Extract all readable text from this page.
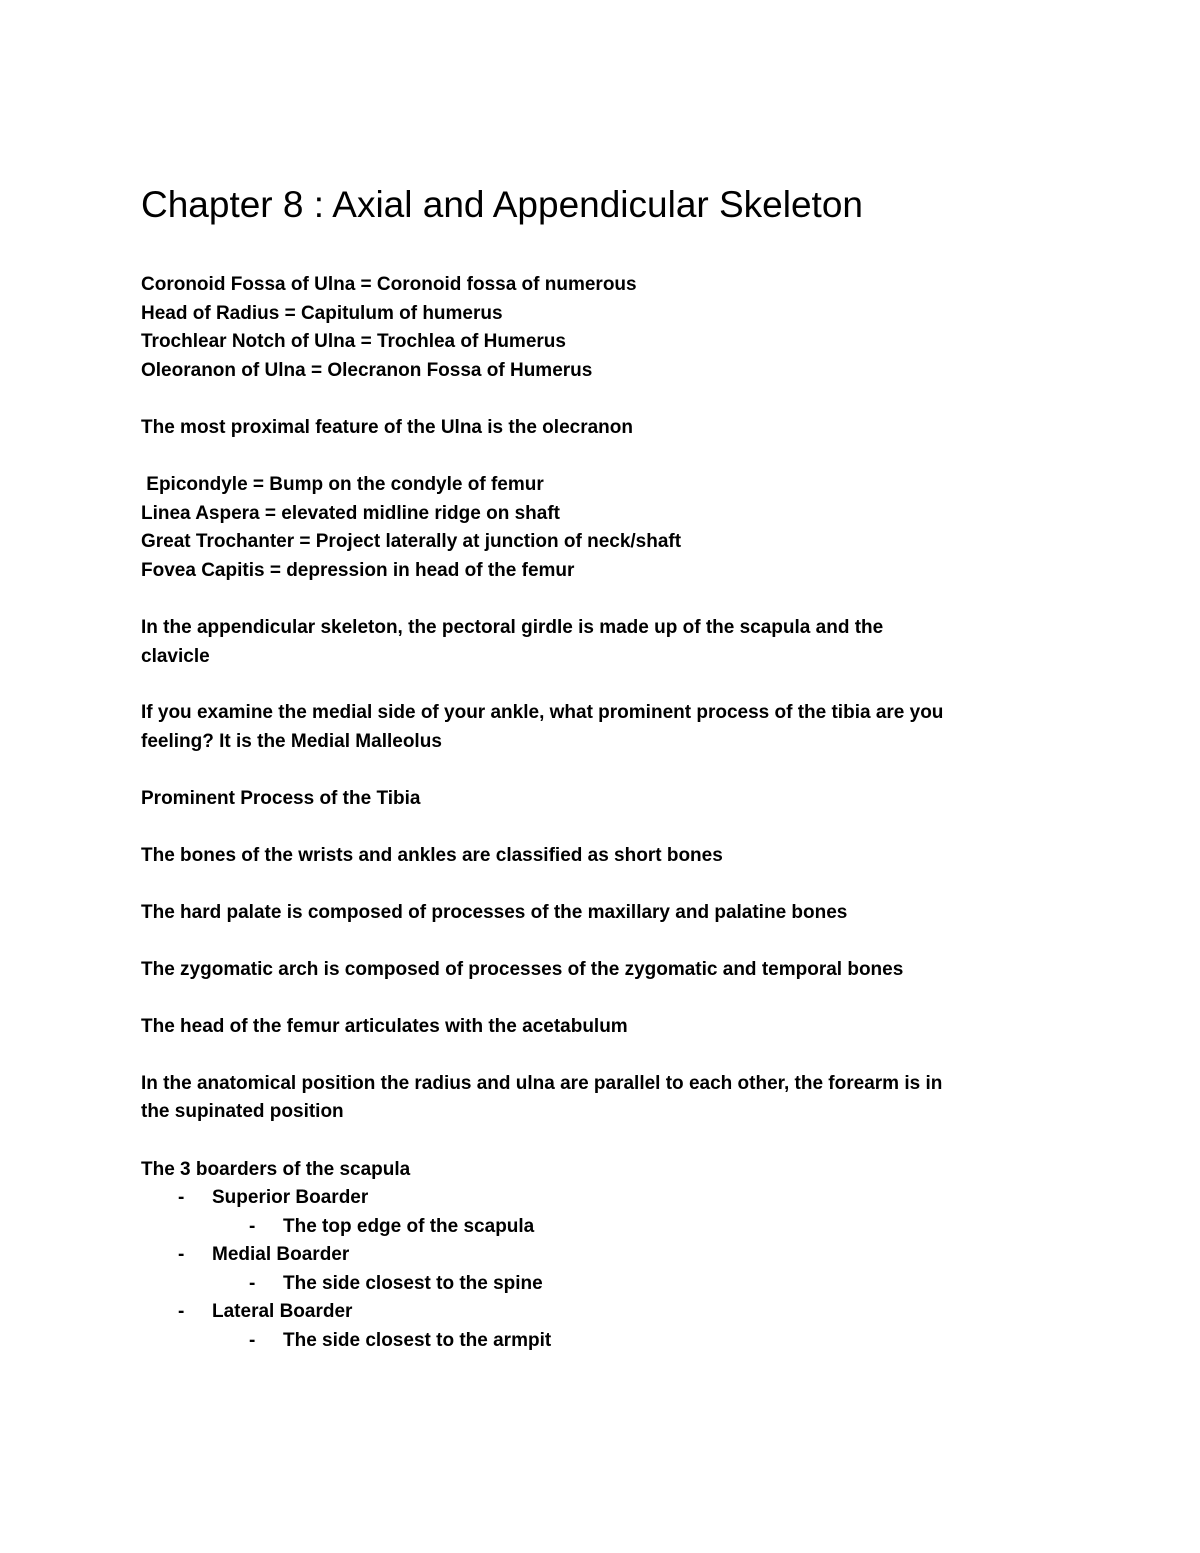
Chapter 8 : Axial and Appendicular Skeleton

Coronoid Fossa of Ulna = Coronoid fossa of numerous

Head of Radius = Capitulum of humerus

Trochlear Notch of Ulna = Trochlea of Humerus

Oleoranon of Ulna = Olecranon Fossa of Humerus

The most proximal feature of the Ulna is the olecranon

Epicondyle = Bump on the condyle of femur

Linea Aspera = elevated midline ridge on shaft

Great Trochanter = Project laterally at junction of neck/shaft

Fovea Capitis = depression in head of the femur

In the appendicular skeleton, the pectoral girdle is made up of the scapula and the

clavicle

If you examine the medial side of your ankle, what prominent process of the tibia are you

feeling? It is the Medial Malleolus

Prominent Process of the Tibia

The bones of the wrists and ankles are classified as short bones

The hard palate is composed of processes of the maxillary and palatine bones

The zygomatic arch is composed of processes of the zygomatic and temporal bones

The head of the femur articulates with the acetabulum

In the anatomical position the radius and ulna are parallel to each other, the forearm is in

the supinated position

The 3 boarders of the scapula

- Superior Boarder
- The top edge of the scapula
- Medial Boarder
- The side closest to the spine
- Lateral Boarder
- The side closest to the armpit
